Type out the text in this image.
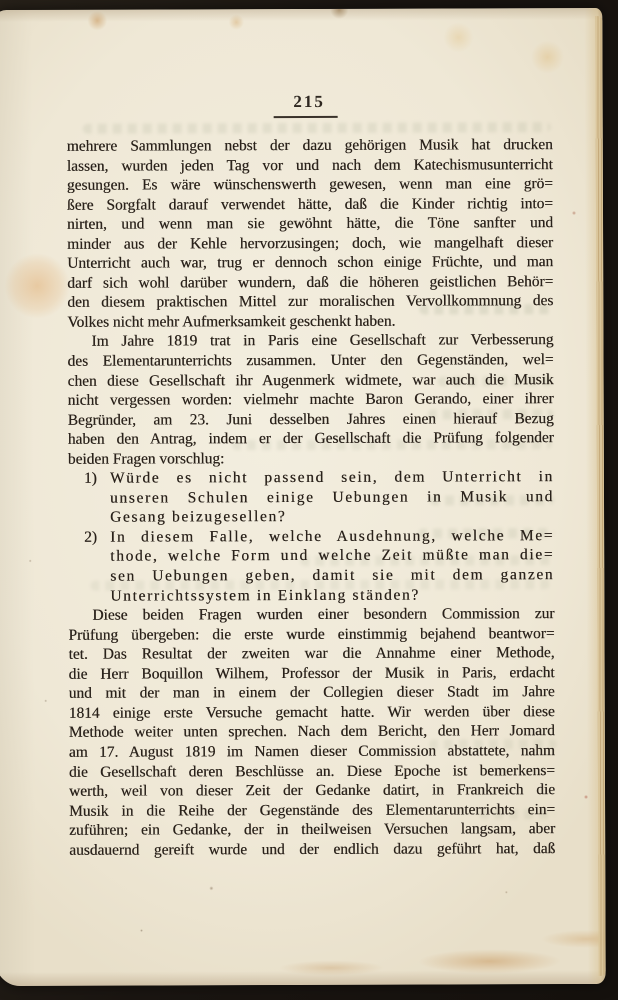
215
mehrere Sammlungen nebst der dazu gehörigen Musik hat drucken
lassen, wurden jeden Tag vor und nach dem Katechismusunterricht
gesungen. Es wäre wünschenswerth gewesen, wenn man eine grö=
ßere Sorgfalt darauf verwendet hätte, daß die Kinder richtig into=
nirten, und wenn man sie gewöhnt hätte, die Töne sanfter und
minder aus der Kehle hervorzusingen; doch, wie mangelhaft dieser
Unterricht auch war, trug er dennoch schon einige Früchte, und man
darf sich wohl darüber wundern, daß die höheren geistlichen Behör=
den diesem praktischen Mittel zur moralischen Vervollkommnung des
Volkes nicht mehr Aufmerksamkeit geschenkt haben.
Im Jahre 1819 trat in Paris eine Gesellschaft zur Verbesserung
des Elementarunterrichts zusammen. Unter den Gegenständen, wel=
chen diese Gesellschaft ihr Augenmerk widmete, war auch die Musik
nicht vergessen worden: vielmehr machte Baron Gerando, einer ihrer
Begründer, am 23. Juni desselben Jahres einen hierauf Bezug
haben den Antrag, indem er der Gesellschaft die Prüfung folgender
beiden Fragen vorschlug:
1) Würde es nicht passend sein, dem Unterricht in
unseren Schulen einige Uebungen in Musik und
Gesang beizugesellen?
2) In diesem Falle, welche Ausdehnung, welche Me=
thode, welche Form und welche Zeit müßte man die=
sen Uebungen geben, damit sie mit dem ganzen
Unterrichtssystem in Einklang ständen?
Diese beiden Fragen wurden einer besondern Commission zur
Prüfung übergeben: die erste wurde einstimmig bejahend beantwor=
tet. Das Resultat der zweiten war die Annahme einer Methode,
die Herr Boquillon Wilhem, Professor der Musik in Paris, erdacht
und mit der man in einem der Collegien dieser Stadt im Jahre
1814 einige erste Versuche gemacht hatte. Wir werden über diese
Methode weiter unten sprechen. Nach dem Bericht, den Herr Jomard
am 17. August 1819 im Namen dieser Commission abstattete, nahm
die Gesellschaft deren Beschlüsse an. Diese Epoche ist bemerkens=
werth, weil von dieser Zeit der Gedanke datirt, in Frankreich die
Musik in die Reihe der Gegenstände des Elementarunterrichts ein=
zuführen; ein Gedanke, der in theilweisen Versuchen langsam, aber
ausdauernd gereift wurde und der endlich dazu geführt hat, daß
